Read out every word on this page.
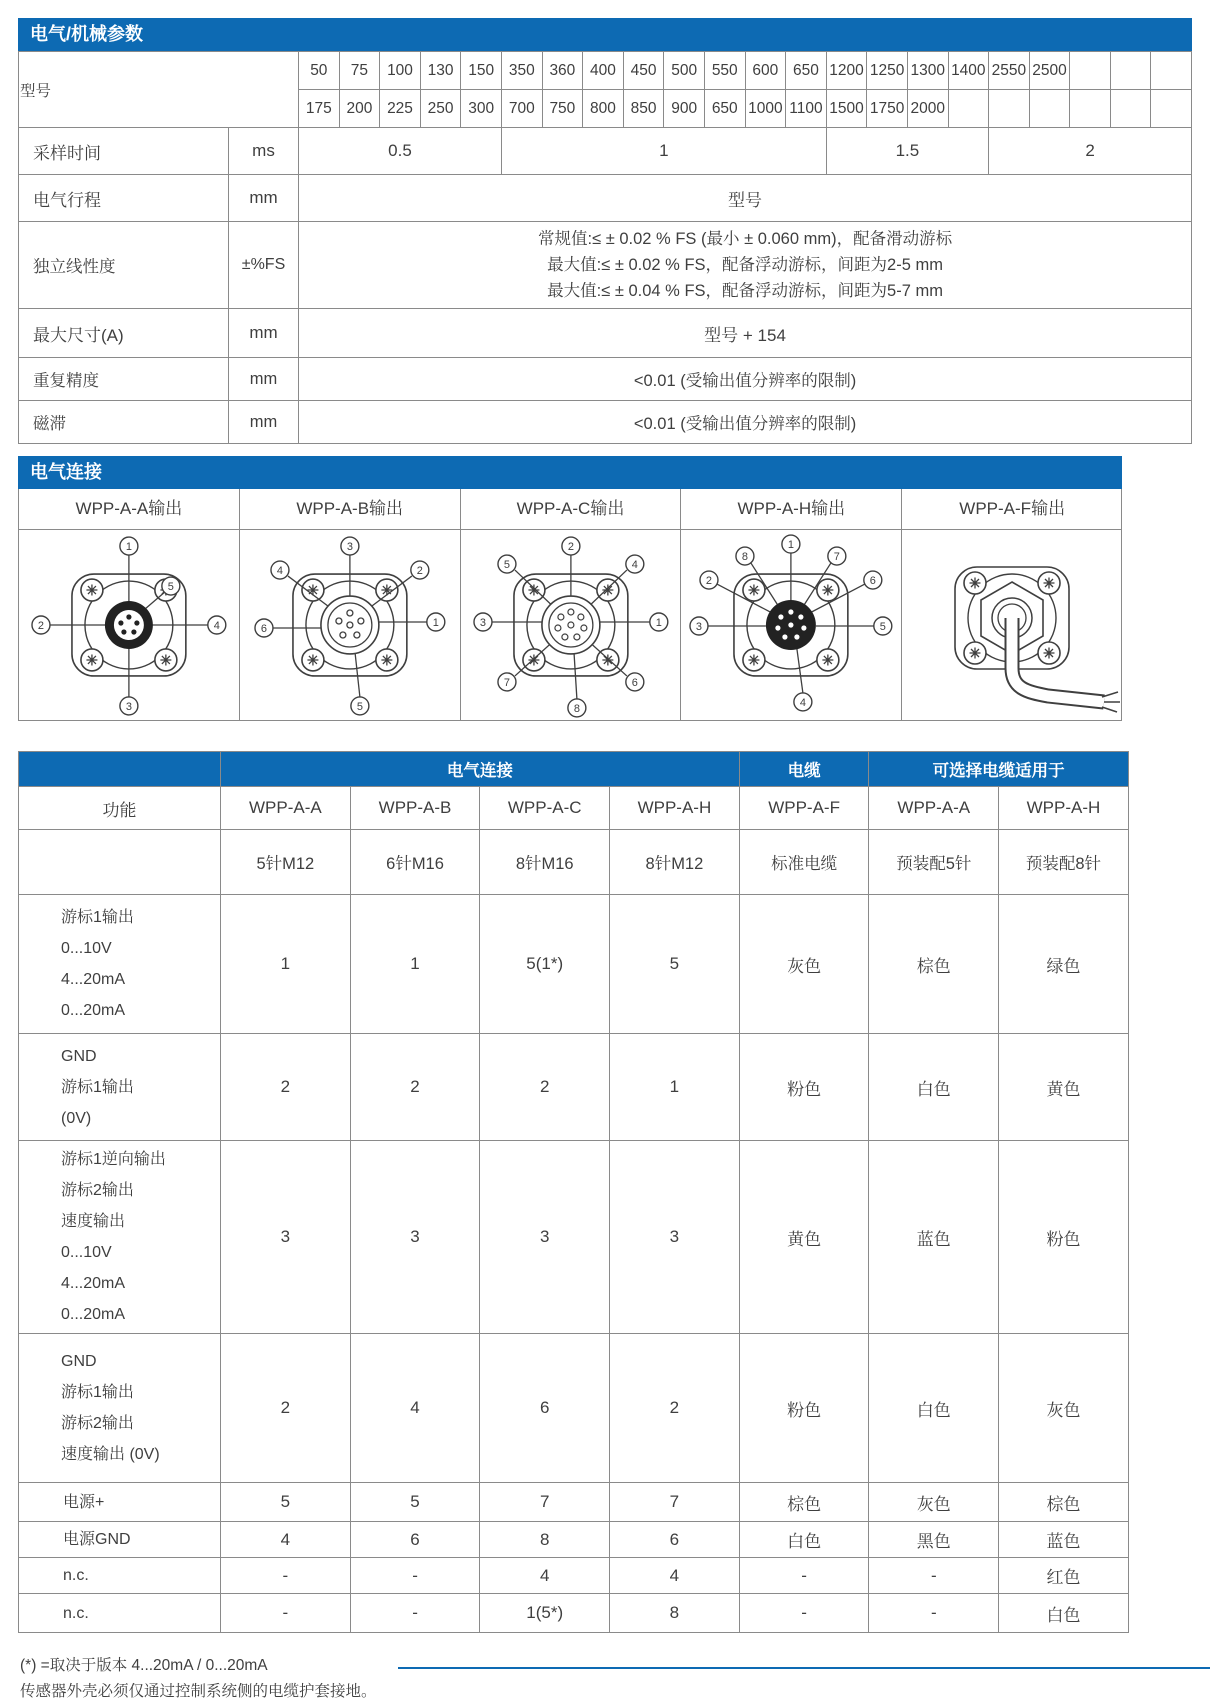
电气/机械参数
型号		50	75	100	130	150	350	360	400	450	500	550	600	650	1200	1250	1300	1400	2550	2500			
		175	200	225	250	300	700	750	800	850	900	650	1000	1100	1500	1750	2000						
采样时间	ms	0.5					1								1.5				2				
电气行程	mm	型号																					
独立线性度	±%FS	常规值:≤ ± 0.02 % FS (最小 ± 0.060 mm)，配备滑动游标
最大值:≤ ± 0.02 % FS，配备浮动游标，间距为2-5 mm
最大值:≤ ± 0.04 % FS，配备浮动游标，间距为5-7 mm																					

最大尺寸(A)	mm	型号 + 154																					
重复精度	mm	<0.01 (受输出值分辨率的限制)																					
磁滞	mm	<0.01 (受输出值分辨率的限制)																					
电气连接
WPP-A-A输出
1
2
3
4
5
WPP-A-B输出
3
4	2
6	1
5
WPP-A-C输出
2
5	4
3	1
7	6
8
WPP-A-H输出
1
8	7
2	6
3	5
4
WPP-A-F输出
	电气连接				电缆	可选择电缆适用于	
功能	WPP-A-A	WPP-A-B	WPP-A-C	WPP-A-H	WPP-A-F	WPP-A-A	WPP-A-H
	5针M12	6针M16	8针M16	8针M12	标准电缆	预装配5针	预装配8针

游标1输出
0...10V
4...20mA
0...20mA	1	1	5(1*)	5	灰色	棕色	绿色

GND
游标1输出
(0V)	2	2	2	1	粉色	白色	黄色

游标1逆向输出
游标2输出
速度输出
0...10V
4...20mA
0...20mA
	3	3	3	3	黄色	蓝色	粉色

GND
游标1输出
游标2输出
速度输出 (0V)	2	4	6	2	粉色	白色	灰色

电源+	5	5	7	7	棕色	灰色	棕色

电源GND	4	6	8	6	白色	黑色	蓝色

n.c.	-	-	4	4	-	-	红色

n.c.	-	-	1(5*)	8	-	-	白色
(*) =取决于版本 4...20mA / 0...20mA
传感器外壳必须仅通过控制系统侧的电缆护套接地。
